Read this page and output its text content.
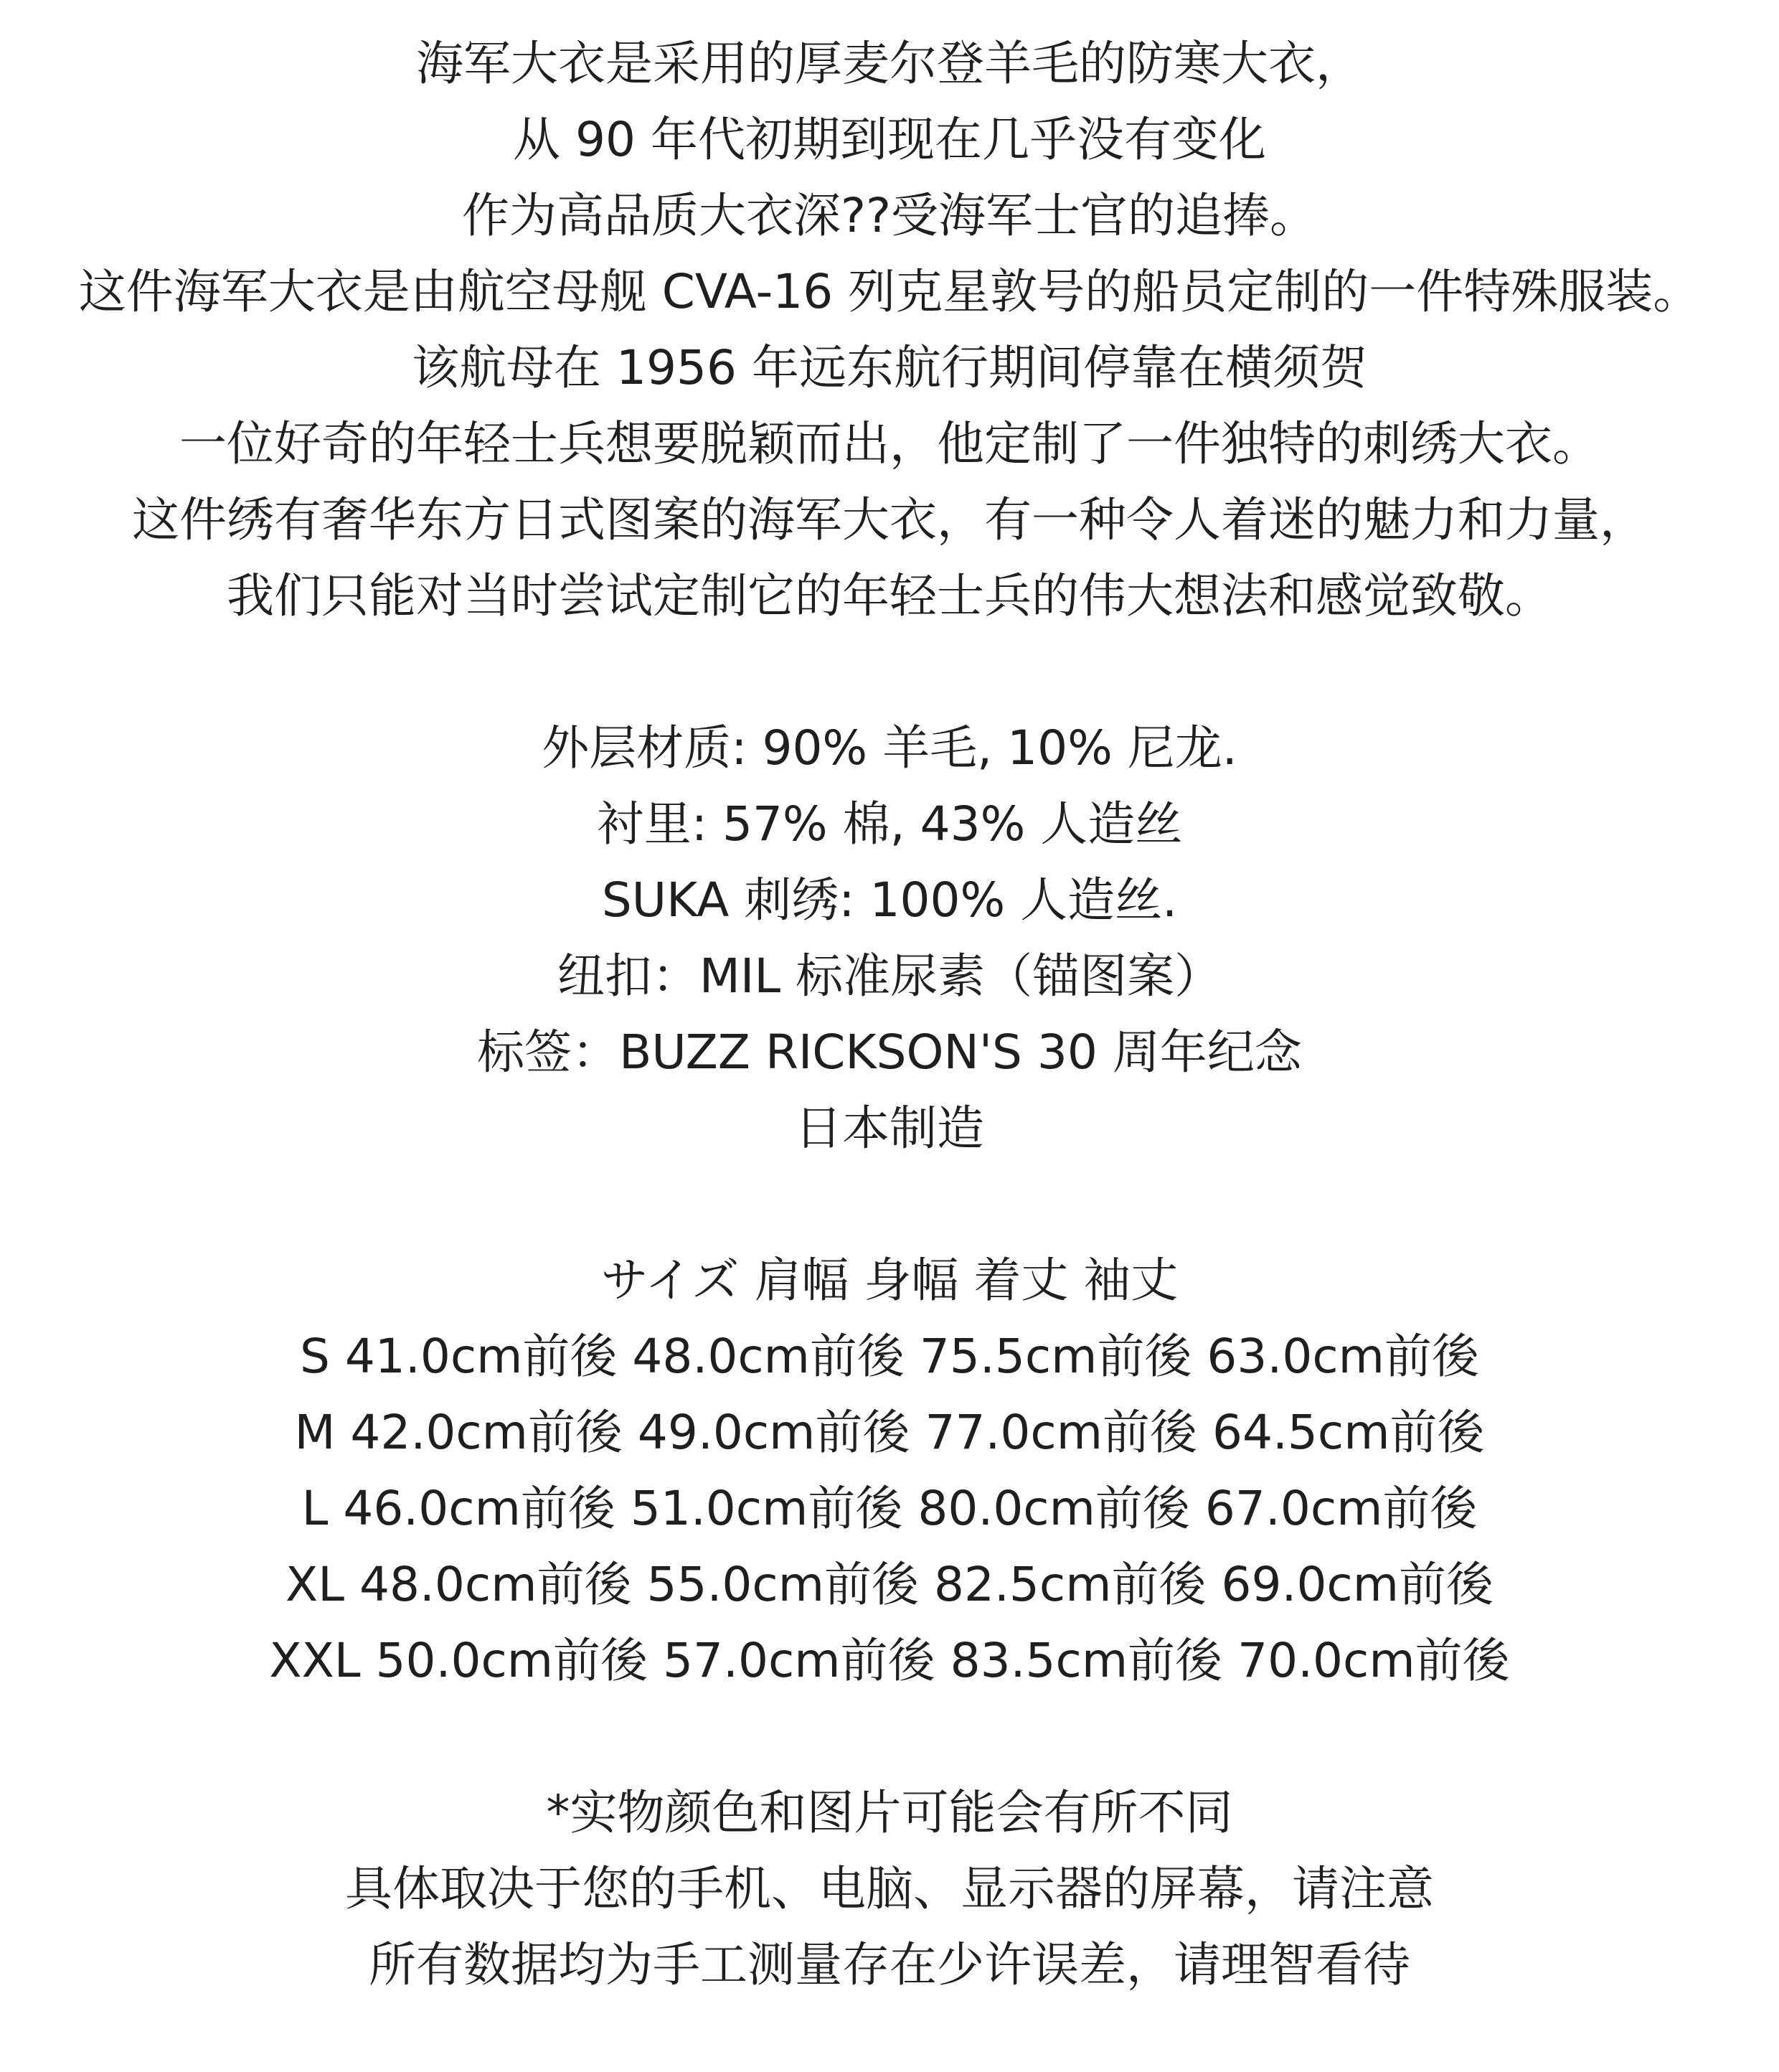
海军大衣是采用的厚麦尔登羊毛的防寒大衣，
从 90 年代初期到现在几乎没有变化
作为高品质大衣深??受海军士官的追捧。
这件海军大衣是由航空母舰 CVA-16 列克星敦号的船员定制的一件特殊服装。
该航母在 1956 年远东航行期间停靠在横须贺
一位好奇的年轻士兵想要脱颖而出，他定制了一件独特的刺绣大衣。
这件绣有奢华东方日式图案的海军大衣，有一种令人着迷的魅力和力量，
我们只能对当时尝试定制它的年轻士兵的伟大想法和感觉致敬。
外层材质: 90% 羊毛, 10% 尼龙.
衬里: 57% 棉, 43% 人造丝
SUKA 刺绣: 100% 人造丝.
纽扣：MIL 标准尿素（锚图案）
标签：BUZZ RICKSON'S 30 周年纪念
日本制造
サイズ 肩幅 身幅 着丈 袖丈
S 41.0cm前後 48.0cm前後 75.5cm前後 63.0cm前後
M 42.0cm前後 49.0cm前後 77.0cm前後 64.5cm前後
L 46.0cm前後 51.0cm前後 80.0cm前後 67.0cm前後
XL 48.0cm前後 55.0cm前後 82.5cm前後 69.0cm前後
XXL 50.0cm前後 57.0cm前後 83.5cm前後 70.0cm前後
*实物颜色和图片可能会有所不同
具体取决于您的手机、电脑、显示器的屏幕，请注意
所有数据均为手工测量存在少许误差，请理智看待
